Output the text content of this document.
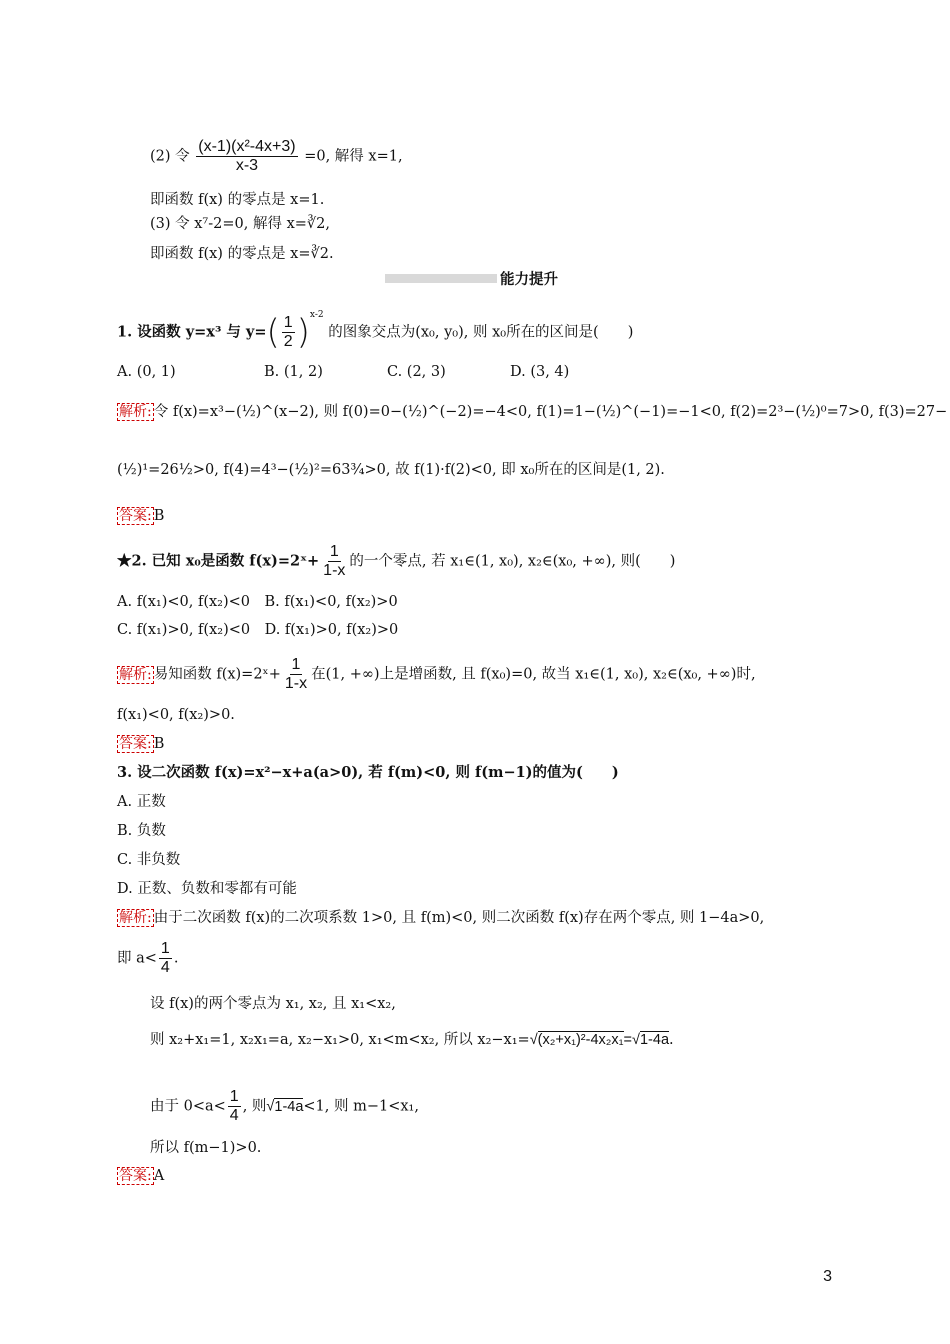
(2) 令 $\frac{\text{(x-1)(x²-4x+3)}}{x-3} =0$, 解得 x=1,
即函数 f(x) 的零点是 x=1.
(3) 令 x⁷-2=0, 解得 x=∛2,
即函数 f(x) 的零点是 x=∛2.
能力提升
1. 设函数 y=x³ 与 $y=( \frac{1}{2} )^{x-2}$ 的图象交点为(x₀, y₀), 则 x₀所在的区间是(　　)
A. (0, 1)	B. (1, 2)	C. (2, 3)	D. (3, 4)
解析: 令 f(x)=x³−(½)^(x−2), 则 f(0)=0−(½)^(−2)=−4<0, f(1)=1−(½)^(−1)=−1<0, f(2)=2³−(½)⁰=7>0, f(3)=27−
(½)¹=26½>0, f(4)=4³−(½)²=63¾>0, 故 f(1)·f(2)<0, 即 x₀所在的区间是(1, 2).
答案: B
★2. 已知 x₀是函数 f(x)=2ˣ+ $\frac{1}{1-x}$ 的一个零点, 若 x₁∈(1, x₀), x₂∈(x₀, +∞), 则(　　)
A. f(x₁)<0, f(x₂)<0　B. f(x₁)<0, f(x₂)>0
C. f(x₁)>0, f(x₂)<0　D. f(x₁)>0, f(x₂)>0
解析: 易知函数 f(x)=2ˣ+ $\frac{1}{1-x}$ 在(1, +∞)上是增函数, 且 f(x₀)=0, 故当 x₁∈(1, x₀), x₂∈(x₀, +∞)时,
f(x₁)<0, f(x₂)>0.
答案: B
3. 设二次函数 f(x)=x²−x+a(a>0), 若 f(m)<0, 则 f(m−1)的值为(　　)
A. 正数
B. 负数
C. 非负数
D. 正数、负数和零都有可能
解析: 由于二次函数 f(x)的二次项系数 1>0, 且 f(m)<0, 则二次函数 f(x)存在两个零点, 则 1−4a>0,
即 $a< \frac{1}{4}$ .
设 f(x)的两个零点为 x₁, x₂, 且 x₁<x₂,
则 x₂+x₁=1, x₂x₁=a, x₂−x₁>0, x₁<m<x₂, 所以 x₂−x₁=√(x₂+x₁)²-4x₂x₁=√1-4a.
由于 $0<a< \frac{1}{4}$ , 则√1-4a<1, 则 m−1<x₁,
所以 f(m−1)>0.
答案: A
3
